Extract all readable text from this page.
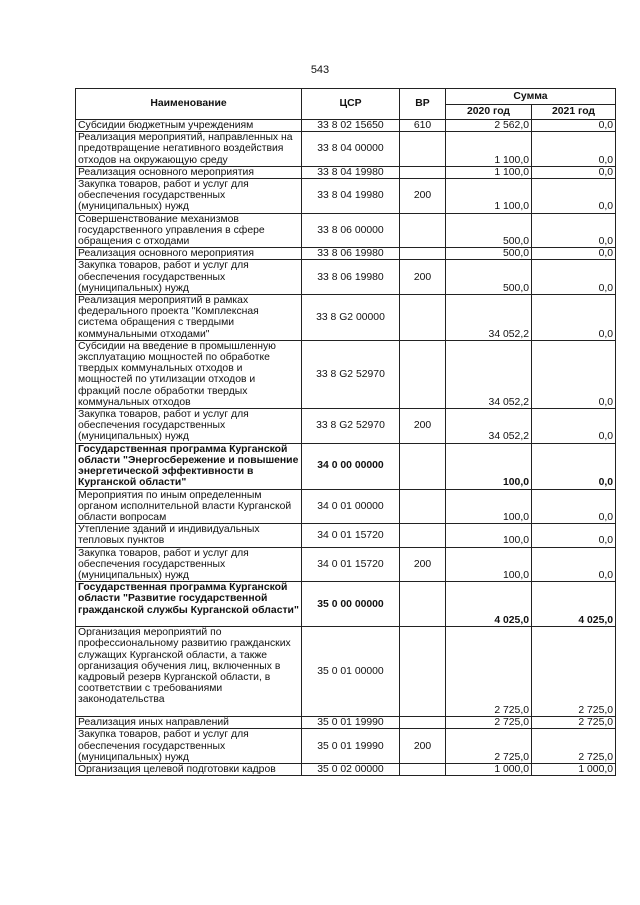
543
Наименование	ЦСР	ВР	Сумма	
			2020 год	2021 год
Субсидии бюджетным учреждениям	33 8 02 15650	610	2 562,0	0,0
Реализация мероприятий, направленных на предотвращение негативного воздействия отходов на окружающую среду	33 8 04 00000		1 100,0	0,0
Реализация основного мероприятия	33 8 04 19980		1 100,0	0,0
Закупка товаров, работ и услуг для обеспечения государственных (муниципальных) нужд	33 8 04 19980	200	1 100,0	0,0
Совершенствование механизмов государственного управления в сфере обращения с отходами	33 8 06 00000		500,0	0,0
Реализация основного мероприятия	33 8 06 19980		500,0	0,0
Закупка товаров, работ и услуг для обеспечения государственных (муниципальных) нужд	33 8 06 19980	200	500,0	0,0
Реализация мероприятий в рамках федерального проекта "Комплексная система обращения с твердыми коммунальными отходами"	33 8 G2 00000		34 052,2	0,0
Субсидии на введение в промышленную эксплуатацию мощностей по обработке твердых коммунальных отходов и мощностей по утилизации отходов и фракций после обработки твердых коммунальных отходов	33 8 G2 52970		34 052,2	0,0
Закупка товаров, работ и услуг для обеспечения государственных (муниципальных) нужд	33 8 G2 52970	200	34 052,2	0,0
Государственная программа Курганской области "Энергосбережение и повышение энергетической эффективности в Курганской области"	34 0 00 00000		100,0	0,0
Мероприятия по иным определенным органом исполнительной власти Курганской области вопросам	34 0 01 00000		100,0	0,0
Утепление зданий и индивидуальных тепловых пунктов	34 0 01 15720		100,0	0,0
Закупка товаров, работ и услуг для обеспечения государственных (муниципальных) нужд	34 0 01 15720	200	100,0	0,0
Государственная программа Курганской области "Развитие государственной гражданской службы Курганской области"	35 0 00 00000		4 025,0	4 025,0
Организация мероприятий по профессиональному развитию гражданских служащих Курганской области, а также организация обучения лиц, включенных в кадровый резерв Курганской области, в соответствии с требованиями законодательства	35 0 01 00000		2 725,0	2 725,0
Реализация иных направлений	35 0 01 19990		2 725,0	2 725,0
Закупка товаров, работ и услуг для обеспечения государственных (муниципальных) нужд	35 0 01 19990	200	2 725,0	2 725,0
Организация целевой подготовки кадров	35 0 02 00000		1 000,0	1 000,0
